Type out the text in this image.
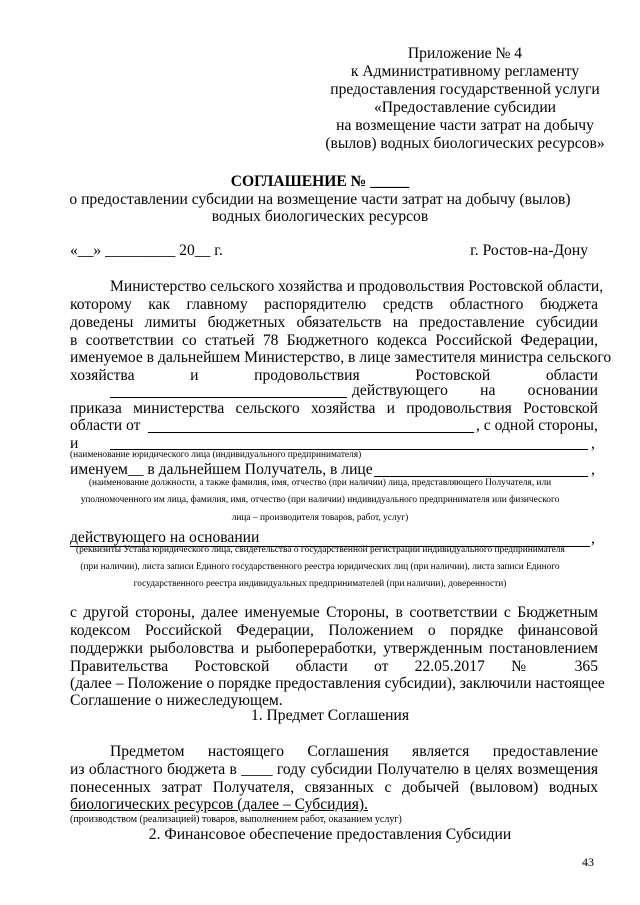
Приложение № 4
к Административному регламенту
предоставления государственной услуги
«Предоставление субсидии
на возмещение части затрат на добычу
(вылов) водных биологических ресурсов»
СОГЛАШЕНИЕ № _____
о предоставлении субсидии на возмещение части затрат на добычу (вылов)
водных биологических ресурсов
«__» _________ 20__ г.	г. Ростов-на-Дону
Министерство сельского хозяйства и продовольствия Ростовской области,
которому как главному распорядителю средств областного бюджета
доведены лимиты бюджетных обязательств на предоставление субсидии
в соответствии со статьей 78 Бюджетного кодекса Российской Федерации,
именуемое в дальнейшем Министерство, в лице заместителя министра сельского
хозяйства и продовольствия Ростовской области
действующего на основании
приказа министерства сельского хозяйства и продовольствия Ростовской
области от	, с одной стороны,
и	,
(наименование юридического лица (индивидуального предпринимателя)
именуем__ в дальнейшем Получатель, в лице	,
(наименование должности, а также фамилия, имя, отчество (при наличии) лица, представляющего Получателя, или
уполномоченного им лица, фамилия, имя, отчество (при наличии) индивидуального предпринимателя или физического
лица – производителя товаров, работ, услуг)
действующего на основании	,
(реквизиты Устава юридического лица, свидетельства о государственной регистрации индивидуального предпринимателя
(при наличии), листа записи Единого государственного реестра юридических лиц (при наличии), листа записи Единого
государственного реестра индивидуальных предпринимателей (при наличии), доверенности)
с другой стороны, далее именуемые Стороны, в соответствии с Бюджетным
кодексом Российской Федерации, Положением о порядке финансовой
поддержки рыболовства и рыбопереработки, утвержденным постановлением
Правительства Ростовской области от 22.05.2017 № 365
(далее – Положение о порядке предоставления субсидии), заключили настоящее
Соглашение о нижеследующем.
1. Предмет Соглашения
Предметом настоящего Соглашения является предоставление
из областного бюджета в ____ году субсидии Получателю в целях возмещения
понесенных затрат Получателя, связанных с добычей (выловом) водных
биологических ресурсов (далее – Субсидия).
(производством (реализацией) товаров, выполнением работ, оказанием услуг)
2. Финансовое обеспечение предоставления Субсидии
43
